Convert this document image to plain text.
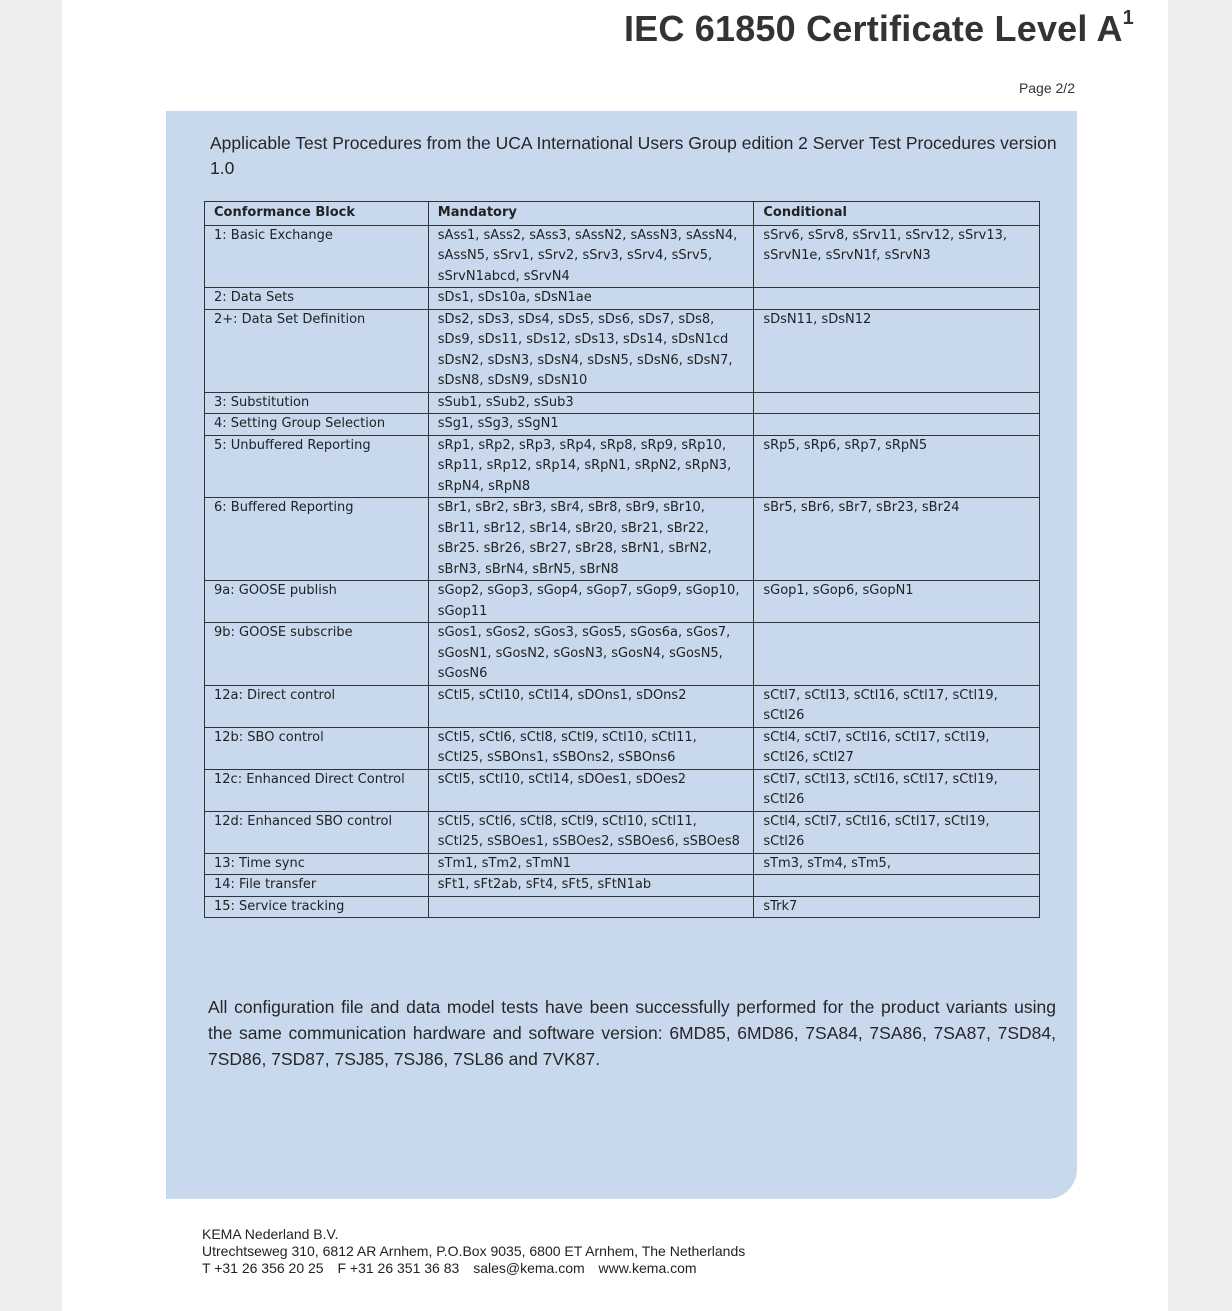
IEC 61850 Certificate Level $A^1$
Page 2/2
Applicable Test Procedures from the UCA International Users Group edition 2 Server Test Procedures version 1.0
Conformance Block	Mandatory	Conditional
1: Basic Exchange	sAss1, sAss2, sAss3, sAssN2, sAssN3, sAssN4, sAssN5, sSrv1, sSrv2, sSrv3, sSrv4, sSrv5, sSrvN1abcd, sSrvN4	sSrv6, sSrv8, sSrv11, sSrv12, sSrv13, sSrvN1e, sSrvN1f, sSrvN3
2: Data Sets	sDs1, sDs10a, sDsN1ae	
2+: Data Set Definition	sDs2, sDs3, sDs4, sDs5, sDs6, sDs7, sDs8, sDs9, sDs11, sDs12, sDs13, sDs14, sDsN1cd sDsN2, sDsN3, sDsN4, sDsN5, sDsN6, sDsN7, sDsN8, sDsN9, sDsN10	sDsN11, sDsN12
3: Substitution	sSub1, sSub2, sSub3	
4: Setting Group Selection	sSg1, sSg3, sSgN1	
5: Unbuffered Reporting	sRp1, sRp2, sRp3, sRp4, sRp8, sRp9, sRp10, sRp11, sRp12, sRp14, sRpN1, sRpN2, sRpN3, sRpN4, sRpN8	sRp5, sRp6, sRp7, sRpN5
6: Buffered Reporting	sBr1, sBr2, sBr3, sBr4, sBr8, sBr9, sBr10, sBr11, sBr12, sBr14, sBr20, sBr21, sBr22, sBr25. sBr26, sBr27, sBr28, sBrN1, sBrN2, sBrN3, sBrN4, sBrN5, sBrN8	sBr5, sBr6, sBr7, sBr23, sBr24
9a: GOOSE publish	sGop2, sGop3, sGop4, sGop7, sGop9, sGop10, sGop11	sGop1, sGop6, sGopN1
9b: GOOSE subscribe	sGos1, sGos2, sGos3, sGos5, sGos6a, sGos7, sGosN1, sGosN2, sGosN3, sGosN4, sGosN5, sGosN6	
12a: Direct control	sCtl5, sCtl10, sCtl14, sDOns1, sDOns2	sCtl7, sCtl13, sCtl16, sCtl17, sCtl19, sCtl26
12b: SBO control	sCtl5, sCtl6, sCtl8, sCtl9, sCtl10, sCtl11, sCtl25, sSBOns1, sSBOns2, sSBOns6	sCtl4, sCtl7, sCtl16, sCtl17, sCtl19, sCtl26, sCtl27
12c: Enhanced Direct Control	sCtl5, sCtl10, sCtl14, sDOes1, sDOes2	sCtl7, sCtl13, sCtl16, sCtl17, sCtl19, sCtl26
12d: Enhanced SBO control	sCtl5, sCtl6, sCtl8, sCtl9, sCtl10, sCtl11, sCtl25, sSBOes1, sSBOes2, sSBOes6, sSBOes8	sCtl4, sCtl7, sCtl16, sCtl17, sCtl19, sCtl26
13: Time sync	sTm1, sTm2, sTmN1	sTm3, sTm4, sTm5,
14: File transfer	sFt1, sFt2ab, sFt4, sFt5, sFtN1ab	
15: Service tracking		sTrk7
All configuration file and data model tests have been successfully performed for the product variants using the same communication hardware and software version: 6MD85, 6MD86, 7SA84, 7SA86, 7SA87, 7SD84, 7SD86, 7SD87, 7SJ85, 7SJ86, 7SL86 and 7VK87.
KEMA Nederland B.V.
Utrechtseweg 310, 6812 AR Arnhem, P.O.Box 9035, 6800 ET Arnhem, The Netherlands
T +31 26 356 20 25 F +31 26 351 36 83 sales@kema.com www.kema.com
